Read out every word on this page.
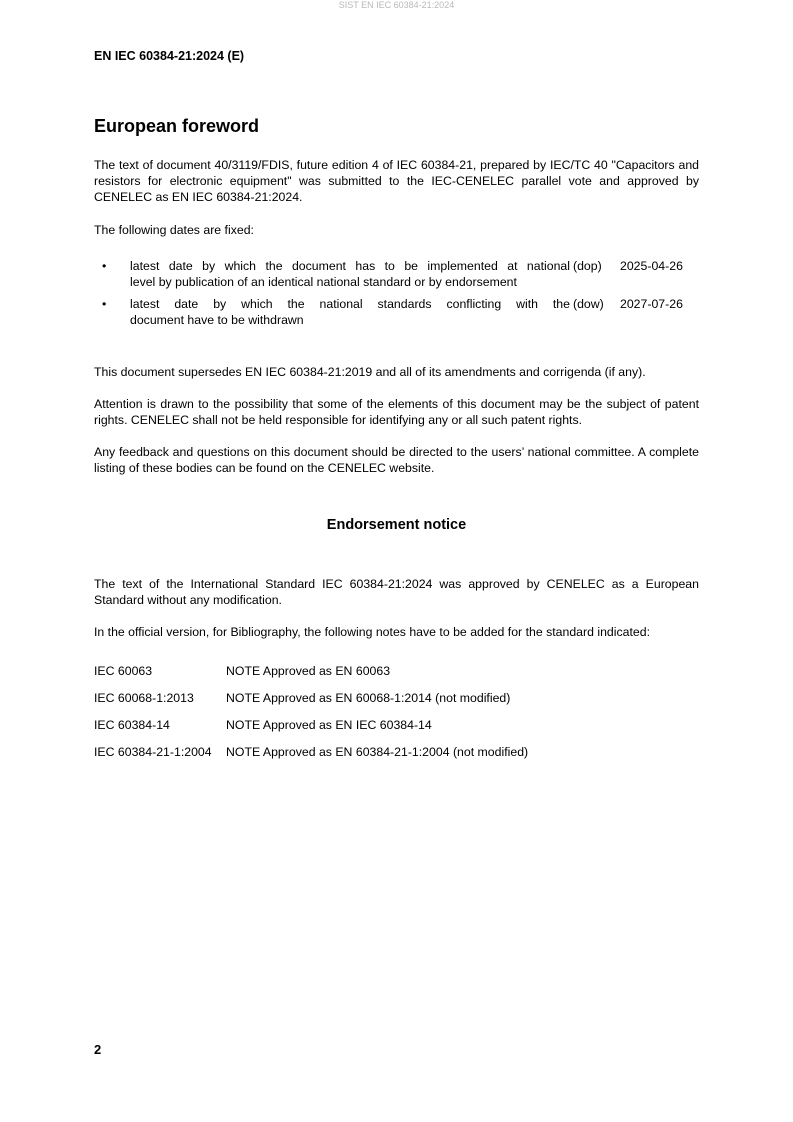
SIST EN IEC 60384-21:2024
EN IEC 60384-21:2024 (E)
European foreword
The text of document 40/3119/FDIS, future edition 4 of IEC 60384-21, prepared by IEC/TC 40 "Capacitors and resistors for electronic equipment" was submitted to the IEC-CENELEC parallel vote and approved by CENELEC as EN IEC 60384-21:2024.
The following dates are fixed:
• latest date by which the document has to be implemented at national
level by publication of an identical national standard or by endorsement
(dop) 2025-04-26
• latest date by which the national standards conflicting with the
document have to be withdrawn
(dow) 2027-07-26
This document supersedes EN IEC 60384-21:2019 and all of its amendments and corrigenda (if any).
Attention is drawn to the possibility that some of the elements of this document may be the subject of patent rights. CENELEC shall not be held responsible for identifying any or all such patent rights.
Any feedback and questions on this document should be directed to the users’ national committee. A complete listing of these bodies can be found on the CENELEC website.
Endorsement notice
The text of the International Standard IEC 60384-21:2024 was approved by CENELEC as a European Standard without any modification.
In the official version, for Bibliography, the following notes have to be added for the standard indicated:
IEC 60063	NOTE Approved as EN 60063
IEC 60068-1:2013	NOTE Approved as EN 60068-1:2014 (not modified)
IEC 60384-14	NOTE Approved as EN IEC 60384-14
IEC 60384-21-1:2004 NOTE Approved as EN 60384-21-1:2004 (not modified)
2
